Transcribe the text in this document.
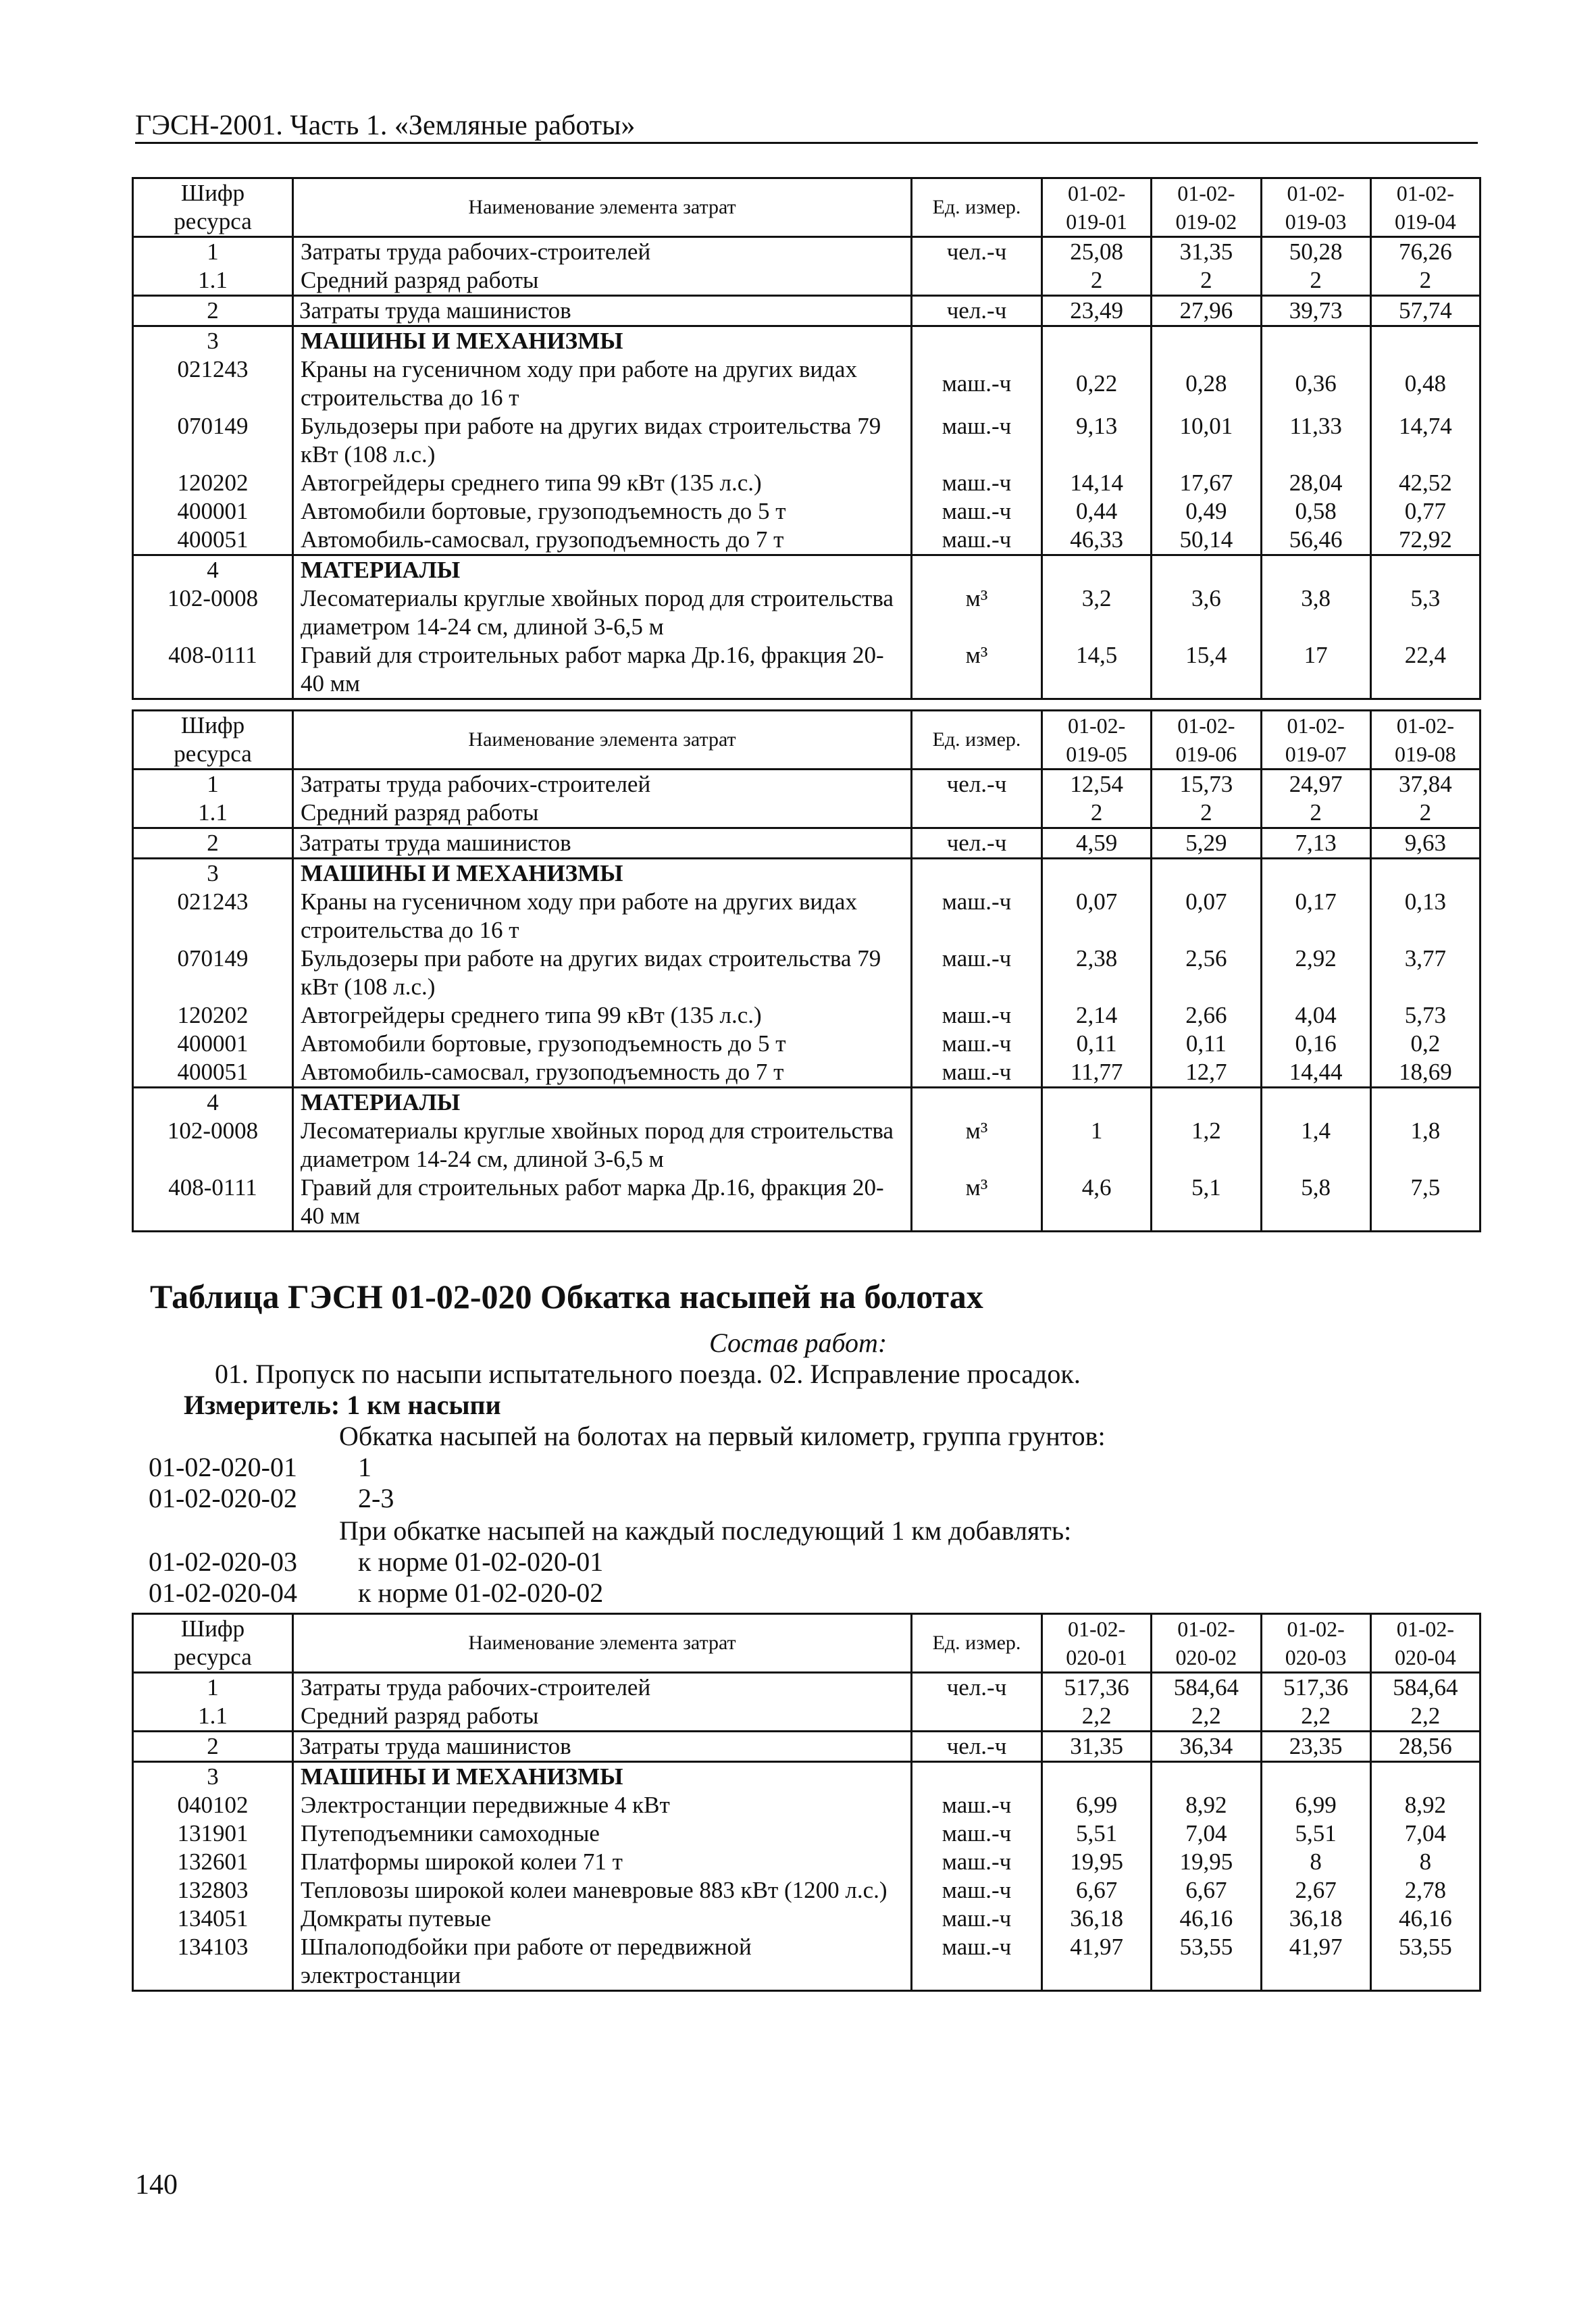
ГЭСН-2001. Часть 1. «Земляные работы»
Шифр ресурса	Наименование элемента затрат	Ед. измер.	01-02-019-01	01-02-019-02	01-02-019-03	01-02-019-04
1	Затраты труда рабочих-строителей	чел.-ч	25,08	31,35	50,28	76,26
1.1	Средний разряд работы		2	2	2	2
2	Затраты труда машинистов	чел.-ч	23,49	27,96	39,73	57,74
3	МАШИНЫ И МЕХАНИЗМЫ					
021243	Краны на гусеничном ходу при работе на других видах строительства до 16 т	маш.-ч	0,22	0,28	0,36	0,48
070149	Бульдозеры при работе на других видах строительства 79 кВт (108 л.с.)	маш.-ч	9,13	10,01	11,33	14,74
120202	Автогрейдеры среднего типа 99 кВт (135 л.с.)	маш.-ч	14,14	17,67	28,04	42,52
400001	Автомобили бортовые, грузоподъемность до 5 т	маш.-ч	0,44	0,49	0,58	0,77
400051	Автомобиль-самосвал, грузоподъемность до 7 т	маш.-ч	46,33	50,14	56,46	72,92
4	МАТЕРИАЛЫ					
102-0008	Лесоматериалы круглые хвойных пород для строительства диаметром 14-24 см, длиной 3-6,5 м	м³	3,2	3,6	3,8	5,3
408-0111	Гравий для строительных работ марка Др.16, фракция 20-40 мм	м³	14,5	15,4	17	22,4
Шифр ресурса	Наименование элемента затрат	Ед. измер.	01-02-019-05	01-02-019-06	01-02-019-07	01-02-019-08
1	Затраты труда рабочих-строителей	чел.-ч	12,54	15,73	24,97	37,84
1.1	Средний разряд работы		2	2	2	2
2	Затраты труда машинистов	чел.-ч	4,59	5,29	7,13	9,63
3	МАШИНЫ И МЕХАНИЗМЫ					
021243	Краны на гусеничном ходу при работе на других видах строительства до 16 т	маш.-ч	0,07	0,07	0,17	0,13
070149	Бульдозеры при работе на других видах строительства 79 кВт (108 л.с.)	маш.-ч	2,38	2,56	2,92	3,77
120202	Автогрейдеры среднего типа 99 кВт (135 л.с.)	маш.-ч	2,14	2,66	4,04	5,73
400001	Автомобили бортовые, грузоподъемность до 5 т	маш.-ч	0,11	0,11	0,16	0,2
400051	Автомобиль-самосвал, грузоподъемность до 7 т	маш.-ч	11,77	12,7	14,44	18,69
4	МАТЕРИАЛЫ					
102-0008	Лесоматериалы круглые хвойных пород для строительства диаметром 14-24 см, длиной 3-6,5 м	м³	1	1,2	1,4	1,8
408-0111	Гравий для строительных работ марка Др.16, фракция 20-40 мм	м³	4,6	5,1	5,8	7,5
Таблица ГЭСН 01-02-020 Обкатка насыпей на болотах
Состав работ:
01. Пропуск по насыпи испытательного поезда. 02. Исправление просадок.
Измеритель: 1 км насыпи
Обкатка насыпей на болотах на первый километр, группа грунтов:
01-02-020-01 1
01-02-020-02 2-3
При обкатке насыпей на каждый последующий 1 км добавлять:
01-02-020-03 к норме 01-02-020-01
01-02-020-04 к норме 01-02-020-02
Шифр ресурса	Наименование элемента затрат	Ед. измер.	01-02-020-01	01-02-020-02	01-02-020-03	01-02-020-04
1	Затраты труда рабочих-строителей	чел.-ч	517,36	584,64	517,36	584,64
1.1	Средний разряд работы		2,2	2,2	2,2	2,2
2	Затраты труда машинистов	чел.-ч	31,35	36,34	23,35	28,56
3	МАШИНЫ И МЕХАНИЗМЫ					
040102	Электростанции передвижные 4 кВт	маш.-ч	6,99	8,92	6,99	8,92
131901	Путеподъемники самоходные	маш.-ч	5,51	7,04	5,51	7,04
132601	Платформы широкой колеи 71 т	маш.-ч	19,95	19,95	8	8
132803	Тепловозы широкой колеи маневровые 883 кВт (1200 л.с.)	маш.-ч	6,67	6,67	2,67	2,78
134051	Домкраты путевые	маш.-ч	36,18	46,16	36,18	46,16
134103	Шпалоподбойки при работе от передвижной электростанции	маш.-ч	41,97	53,55	41,97	53,55
140
